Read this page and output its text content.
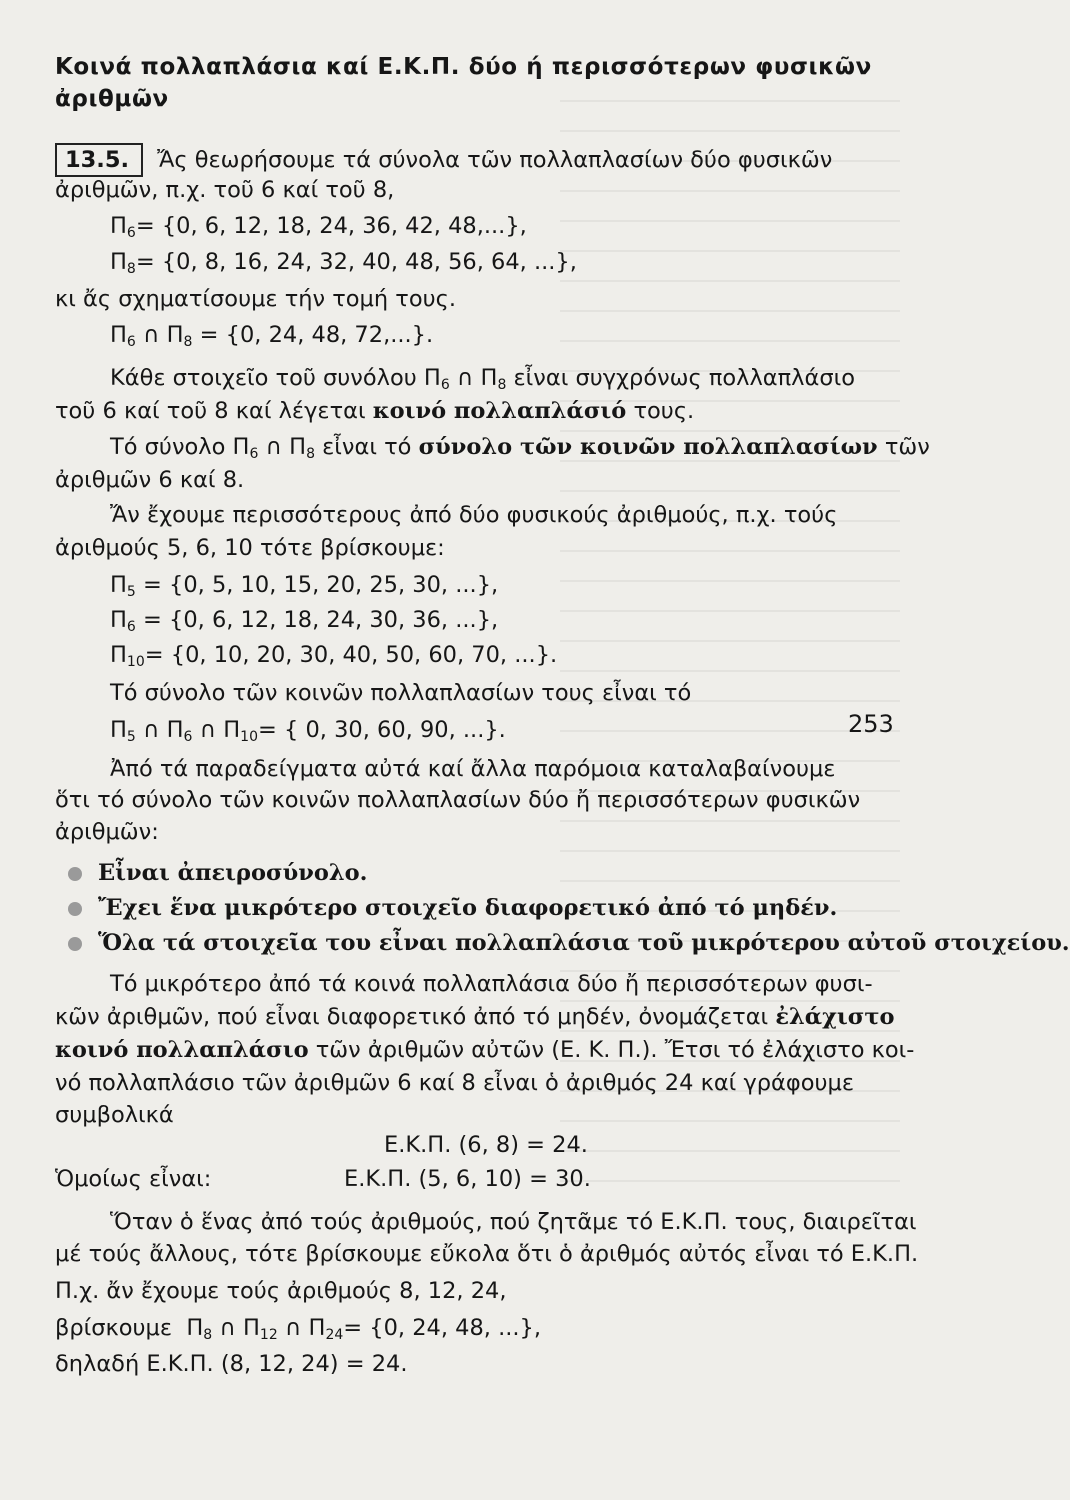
Κοινά πολλαπλάσια καί Ε.Κ.Π. δύο ή περισσότερων φυσικῶν
ἀριθμῶν
13.5. Ἄς θεωρήσουμε τά σύνολα τῶν πολλαπλασίων δύο φυσικῶν
ἀριθμῶν, π.χ. τοῦ 6 καί τοῦ 8,
$\Pi_6= \{0$, 6, 12, 18, 24, 36, 42, 48,...},
$\Pi_8= \{0$, 8, 16, 24, 32, 40, 48, 56, 64, ...},
κι ἄς σχηματίσουμε τήν τομή τους.
$\Pi_6$ ∩ $\Pi_8 = \{0$, 24, 48, 72,...}.
Κάθε στοιχεῖο τοῦ συνόλου $\Pi_6$ ∩ $\Pi_8$ εἶναι συγχρόνως πολλαπλάσιο
τοῦ 6 καί τοῦ 8 καί λέγεται κοινό πολλαπλάσιό τους.
Τό σύνολο $\Pi_6$ ∩ $\Pi_8$ εἶναι τό σύνολο τῶν κοινῶν πολλαπλασίων τῶν
ἀριθμῶν 6 καί 8.
Ἄν ἔχουμε περισσότερους ἀπό δύο φυσικούς ἀριθμούς, π.χ. τούς
ἀριθμούς 5, 6, 10 τότε βρίσκουμε:
$\Pi_5 = \{0$, 5, 10, 15, 20, 25, 30, ...},
$\Pi_6 = \{0$, 6, 12, 18, 24, 30, 36, ...},
$\Pi_{10}= \{0$, 10, 20, 30, 40, 50, 60, 70, ...}.
Τό σύνολο τῶν κοινῶν πολλαπλασίων τους εἶναι τό
$\Pi_5$ ∩ $\Pi_6$ ∩ $\Pi_{10}=$ { 0, 30, 60, 90, ...}.
Ἀπό τά παραδείγματα αὐτά καί ἄλλα παρόμοια καταλαβαίνουμε
ὅτι τό σύνολο τῶν κοινῶν πολλαπλασίων δύο ἤ περισσότερων φυσικῶν
ἀριθμῶν:
Εἶναι ἀπειροσύνολο.
Ἔχει ἕνα μικρότερο στοιχεῖο διαφορετικό ἀπό τό μηδέν.
Ὅλα τά στοιχεῖα του εἶναι πολλαπλάσια τοῦ μικρότερου αὐτοῦ στοιχείου.
Τό μικρότερο ἀπό τά κοινά πολλαπλάσια δύο ἤ περισσότερων φυσι-
κῶν ἀριθμῶν, πού εἶναι διαφορετικό ἀπό τό μηδέν, ὀνομάζεται ἐλάχιστο
κοινό πολλαπλάσιο τῶν ἀριθμῶν αὐτῶν (Ε. Κ. Π.). Ἔτσι τό ἐλάχιστο κοι-
νό πολλαπλάσιο τῶν ἀριθμῶν 6 καί 8 εἶναι ὁ ἀριθμός 24 καί γράφουμε
συμβολικά
Ε.Κ.Π. (6, 8) = 24.
Ὁμοίως εἶναι:	Ε.Κ.Π. (5, 6, 10) = 30.
Ὅταν ὁ ἕνας ἀπό τούς ἀριθμούς, πού ζητᾶμε τό Ε.Κ.Π. τους, διαιρεῖται
μέ τούς ἄλλους, τότε βρίσκουμε εὔκολα ὅτι ὁ ἀριθμός αὐτός εἶναι τό Ε.Κ.Π.
Π.χ. ἄν ἔχουμε τούς ἀριθμούς 8, 12, 24,
βρίσκουμε $\Pi_8$ ∩ $\Pi_{12}$ ∩ $\Pi_{24}= \{0$, 24, 48, ...},
δηλαδή Ε.Κ.Π. (8, 12, 24) = 24.
253
